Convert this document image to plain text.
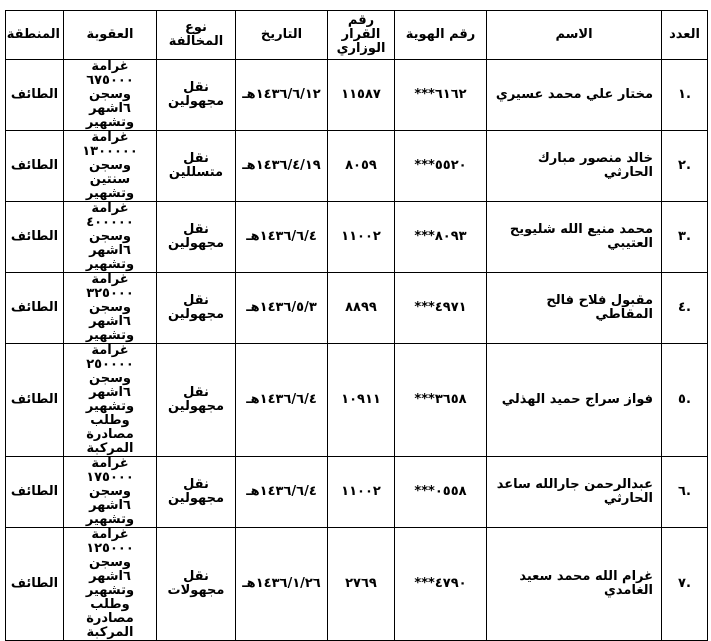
العدد	الاسم	رقم الهوية	رقم القرار الوزاري	التاريخ	نوع المخالفة	العقوبة	المنطقة
.١	مختار علي محمد عسيري	***٦١٦٢	١١٥٨٧	١٤٣٦/٦/١٢هـ	نقل مجهولين	غرامة ٦٧٥٠٠٠ وسجن ٦اشهر وتشهير	الطائف
.٢	خالد منصور مبارك الحارثي	***٥٥٢٠	٨٠٥٩	١٤٣٦/٤/١٩هـ	نقل متسللين	غرامة ١٣٠٠٠٠٠ وسجن سنتين وتشهير	الطائف
.٣	محمد منيع الله شليويح العتيبي	***٨٠٩٣	١١٠٠٢	١٤٣٦/٦/٤هـ	نقل مجهولين	غرامة ٤٠٠٠٠٠ وسجن ٦اشهر وتشهير	الطائف
.٤	مقبول فلاح فالح المقاطي	***٤٩٧١	٨٨٩٩	١٤٣٦/٥/٣هـ	نقل مجهولين	غرامة ٣٢٥٠٠٠ وسجن ٦اشهر وتشهير	الطائف
.٥	فواز سراج حميد الهذلي	***٣٦٥٨	١٠٩١١	١٤٣٦/٦/٤هـ	نقل مجهولين	غرامة ٢٥٠٠٠٠ وسجن ٦اشهر وتشهير وطلب مصادرة المركبة	الطائف
.٦	عبدالرحمن جارالله ساعد الحارثي	***٠٥٥٨	١١٠٠٢	١٤٣٦/٦/٤هـ	نقل مجهولين	غرامة ١٧٥٠٠٠ وسجن ٦اشهر وتشهير	الطائف
.٧	غرام الله محمد سعيد الغامدي	***٤٧٩٠	٢٧٦٩	١٤٣٦/١/٢٦هـ	نقل مجهولات	غرامة ١٢٥٠٠٠ وسجن ٦اشهر وتشهير وطلب مصادرة المركبة	الطائف
